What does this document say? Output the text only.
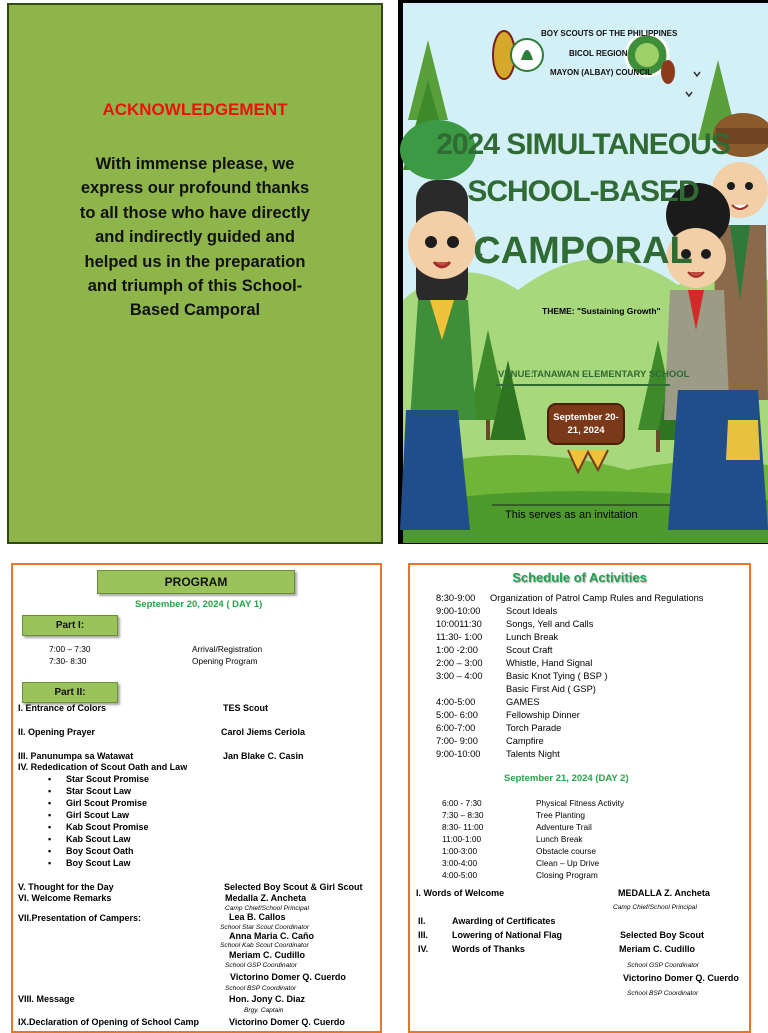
ACKNOWLEDGEMENT
With immense please, we express our profound thanks to all those who have directly and indirectly guided and helped us in the preparation and triumph of this School- Based Camporal
BOY SCOUTS OF THE PHILIPPINES
BICOL REGION
MAYON (ALBAY) COUNCIL
2024 SIMULTANEOUS
SCHOOL-BASED
CAMPORAL
THEME: "Sustaining Growth"
VENUE:
TANAWAN ELEMENTARY SCHOOL
September 20-21, 2024
This serves as an invitation
PROGRAM
September 20, 2024 ( DAY 1)
Part I:
7:00 – 7:30	Arrival/Registration
7:30- 8:30	Opening Program
Part II:
I. Entrance of Colors	TES Scout
II. Opening Prayer	Carol Jiems Ceriola
III. Panunumpa sa Watawat	Jan Blake C. Casin
IV. Rededication of Scout Oath and Law
• Star Scout Promise
• Star Scout Law
• Girl Scout Promise
• Girl Scout Law
• Kab Scout Promise
• Kab Scout Law
• Boy Scout Oath
• Boy Scout Law
V. Thought for the Day	Selected Boy Scout & Girl Scout
VI. Welcome Remarks	Medalla Z. Ancheta
Camp Chief/School Principal
VII.Presentation of Campers:	Lea B. Callos
School Star Scout Coordinator
Anna Maria C. Caño
School Kab Scout Coordinator
Meriam C. Cudillo
School GSP Coordinator
Victorino Domer Q. Cuerdo
School BSP Coordinator
VIII. Message	Hon. Jony C. Diaz
Brgy. Captain
IX.Declaration of Opening of School Camp	Victorino Domer Q. Cuerdo
Schedule of Activities
8:30-9:00 Organization of Patrol Camp Rules and Regulations
9:00-10:00	Scout Ideals
10:0011:30	Songs, Yell and Calls
11:30- 1:00	Lunch Break
1:00 -2:00	Scout Craft
2:00 – 3:00	Whistle, Hand Signal
3:00 – 4:00	Basic Knot Tying ( BSP )
Basic First Aid ( GSP)
4:00-5:00	GAMES
5:00- 6:00	Fellowship Dinner
6:00-7:00	Torch Parade
7:00- 9:00	Campfire
9:00-10:00	Talents Night
September 21, 2024 (DAY 2)
6:00 - 7:30	Physical Fitness Activity
7:30 – 8:30	Tree Planting
8:30- 11:00	Adventure Trail
11:00-1:00	Lunch Break
1:00-3:00	Obstacle course
3:00-4:00	Clean – Up Drive
4:00-5:00	Closing Program
I. Words of Welcome	MEDALLA Z. Ancheta
Camp Chief/School Principal
II.	Awarding of Certificates
III.	Lowering of National Flag	Selected Boy Scout
IV.	Words of Thanks	Meriam C. Cudillo
School GSP Coordinator
Victorino Domer Q. Cuerdo
School BSP Coordinator
